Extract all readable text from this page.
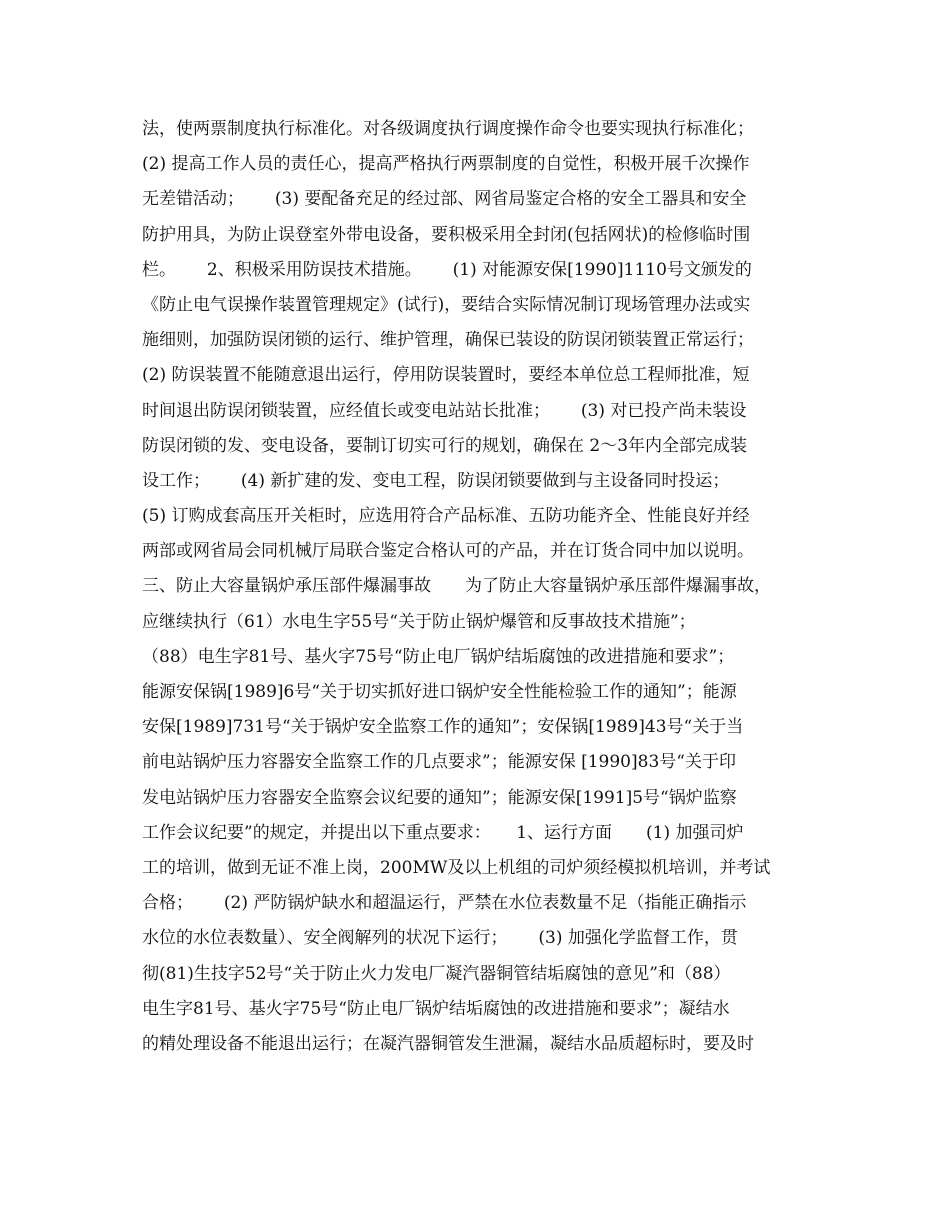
法，使两票制度执行标准化。对各级调度执行调度操作命令也要实现执行标准化；
(2) 提高工作人员的责任心，提高严格执行两票制度的自觉性，积极开展千次操作
无差错活动；　　 (3) 要配备充足的经过部、网省局鉴定合格的安全工器具和安全
防护用具，为防止误登室外带电设备，要积极采用全封闭(包括网状)的检修临时围
栏。　　 2、积极采用防误技术措施。　　 (1) 对能源安保[1990]1110号文颁发的
《防止电气误操作装置管理规定》(试行)，要结合实际情况制订现场管理办法或实
施细则，加强防误闭锁的运行、维护管理，确保已装设的防误闭锁装置正常运行；
(2) 防误装置不能随意退出运行，停用防误装置时，要经本单位总工程师批准，短
时间退出防误闭锁装置，应经值长或变电站站长批准；　　 (3) 对已投产尚未装设
防误闭锁的发、变电设备，要制订切实可行的规划，确保在 2～3年内全部完成装
设工作；　　 (4) 新扩建的发、变电工程，防误闭锁要做到与主设备同时投运；
(5) 订购成套高压开关柜时，应选用符合产品标准、五防功能齐全、性能良好并经
两部或网省局会同机械厅局联合鉴定合格认可的产品，并在订货合同中加以说明。
三、防止大容量锅炉承压部件爆漏事故　　为了防止大容量锅炉承压部件爆漏事故，
应继续执行（61）水电生字55号“关于防止锅炉爆管和反事故技术措施”；
（88）电生字81号、基火字75号“防止电厂锅炉结垢腐蚀的改进措施和要求”；
能源安保锅[1989]6号“关于切实抓好进口锅炉安全性能检验工作的通知”；能源
安保[1989]731号“关于锅炉安全监察工作的通知”；安保锅[1989]43号“关于当
前电站锅炉压力容器安全监察工作的几点要求”；能源安保 [1990]83号“关于印
发电站锅炉压力容器安全监察会议纪要的通知”；能源安保[1991]5号“锅炉监察
工作会议纪要”的规定，并提出以下重点要求：　　1、运行方面　　(1) 加强司炉
工的培训，做到无证不准上岗，200MW及以上机组的司炉须经模拟机培训，并考试
合格；　　 (2) 严防锅炉缺水和超温运行，严禁在水位表数量不足（指能正确指示
水位的水位表数量）、安全阀解列的状况下运行；　　 (3) 加强化学监督工作，贯
彻(81)生技字52号“关于防止火力发电厂凝汽器铜管结垢腐蚀的意见”和（88）
电生字81号、基火字75号“防止电厂锅炉结垢腐蚀的改进措施和要求”；凝结水
的精处理设备不能退出运行；在凝汽器铜管发生泄漏，凝结水品质超标时，要及时
